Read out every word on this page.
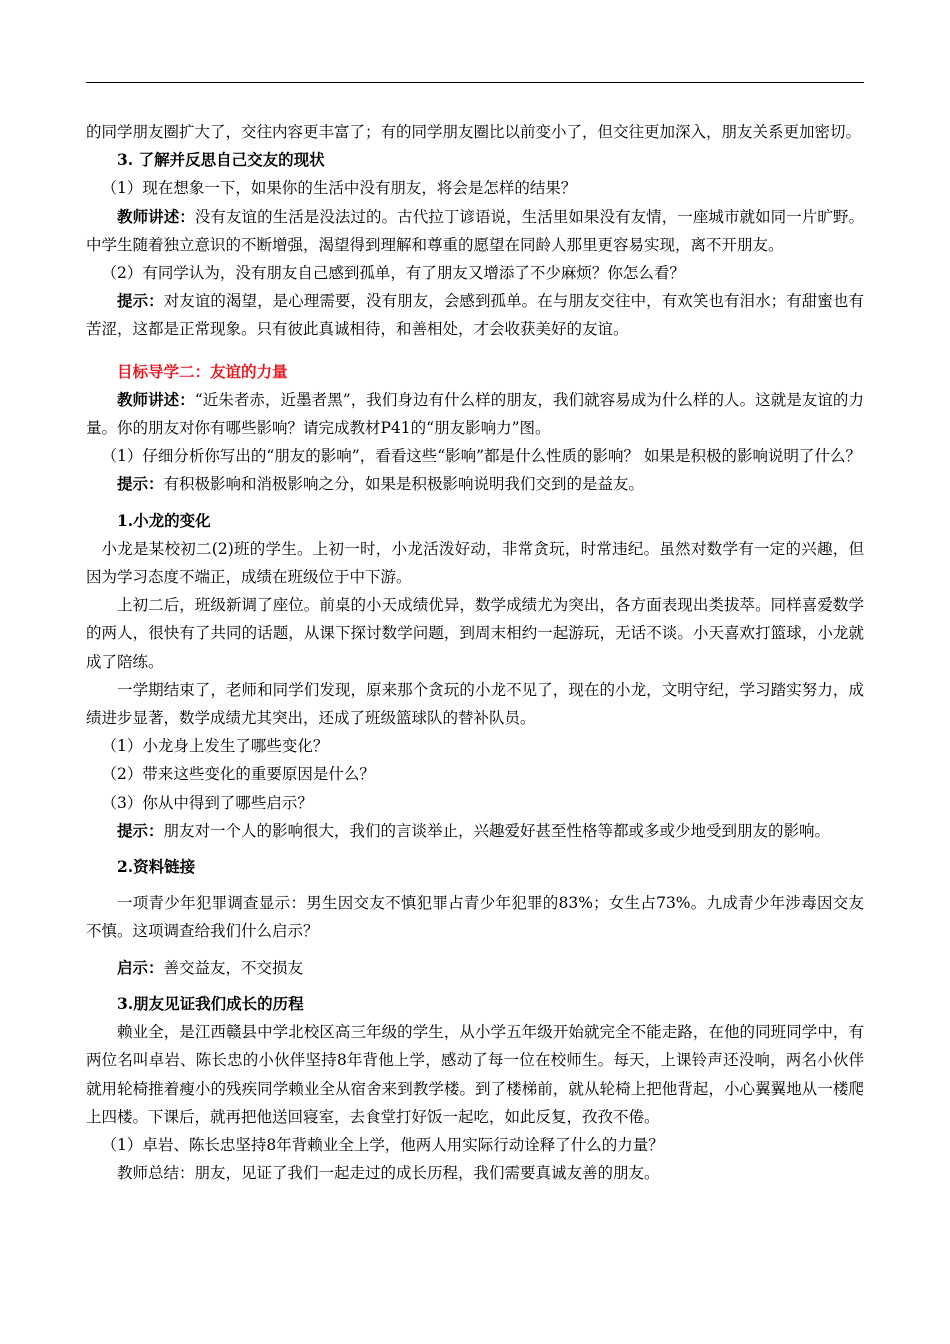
的同学朋友圈扩大了，交往内容更丰富了；有的同学朋友圈比以前变小了，但交往更加深入，朋友关系更加密切。

3. 了解并反思自己交友的现状

（1）现在想象一下，如果你的生活中没有朋友，将会是怎样的结果？

教师讲述：没有友谊的生活是没法过的。古代拉丁谚语说，生活里如果没有友情，一座城市就如同一片旷野。中学生随着独立意识的不断增强，渴望得到理解和尊重的愿望在同龄人那里更容易实现，离不开朋友。

（2）有同学认为，没有朋友自己感到孤单，有了朋友又增添了不少麻烦？你怎么看？

提示：对友谊的渴望，是心理需要，没有朋友，会感到孤单。在与朋友交往中，有欢笑也有泪水；有甜蜜也有苦涩，这都是正常现象。只有彼此真诚相待，和善相处，才会收获美好的友谊。

目标导学二：友谊的力量

教师讲述：“近朱者赤，近墨者黑”，我们身边有什么样的朋友，我们就容易成为什么样的人。这就是友谊的力量。你的朋友对你有哪些影响？请完成教材P41的“朋友影响力”图。

（1）仔细分析你写出的“朋友的影响”，看看这些“影响”都是什么性质的影响？ 如果是积极的影响说明了什么？

提示：有积极影响和消极影响之分，如果是积极影响说明我们交到的是益友。

1.小龙的变化

小龙是某校初二(2)班的学生。上初一时，小龙活泼好动，非常贪玩，时常违纪。虽然对数学有一定的兴趣，但因为学习态度不端正，成绩在班级位于中下游。

上初二后，班级新调了座位。前桌的小天成绩优异，数学成绩尤为突出，各方面表现出类拔萃。同样喜爱数学的两人，很快有了共同的话题，从课下探讨数学问题，到周末相约一起游玩，无话不谈。小天喜欢打篮球，小龙就成了陪练。

一学期结束了，老师和同学们发现，原来那个贪玩的小龙不见了，现在的小龙，文明守纪，学习踏实努力，成绩进步显著，数学成绩尤其突出，还成了班级篮球队的替补队员。

（1）小龙身上发生了哪些变化？

（2）带来这些变化的重要原因是什么？

（3）你从中得到了哪些启示？

提示：朋友对一个人的影响很大，我们的言谈举止，兴趣爱好甚至性格等都或多或少地受到朋友的影响。

2.资料链接

一项青少年犯罪调查显示：男生因交友不慎犯罪占青少年犯罪的83%；女生占73%。九成青少年涉毒因交友不慎。这项调查给我们什么启示？

启示：善交益友，不交损友

3.朋友见证我们成长的历程

赖业全，是江西赣县中学北校区高三年级的学生，从小学五年级开始就完全不能走路，在他的同班同学中，有两位名叫卓岩、陈长忠的小伙伴坚持8年背他上学，感动了每一位在校师生。每天，上课铃声还没响，两名小伙伴就用轮椅推着瘦小的残疾同学赖业全从宿舍来到教学楼。到了楼梯前，就从轮椅上把他背起，小心翼翼地从一楼爬上四楼。下课后，就再把他送回寝室，去食堂打好饭一起吃，如此反复，孜孜不倦。

（1）卓岩、陈长忠坚持8年背赖业全上学，他两人用实际行动诠释了什么的力量？

教师总结：朋友，见证了我们一起走过的成长历程，我们需要真诚友善的朋友。
